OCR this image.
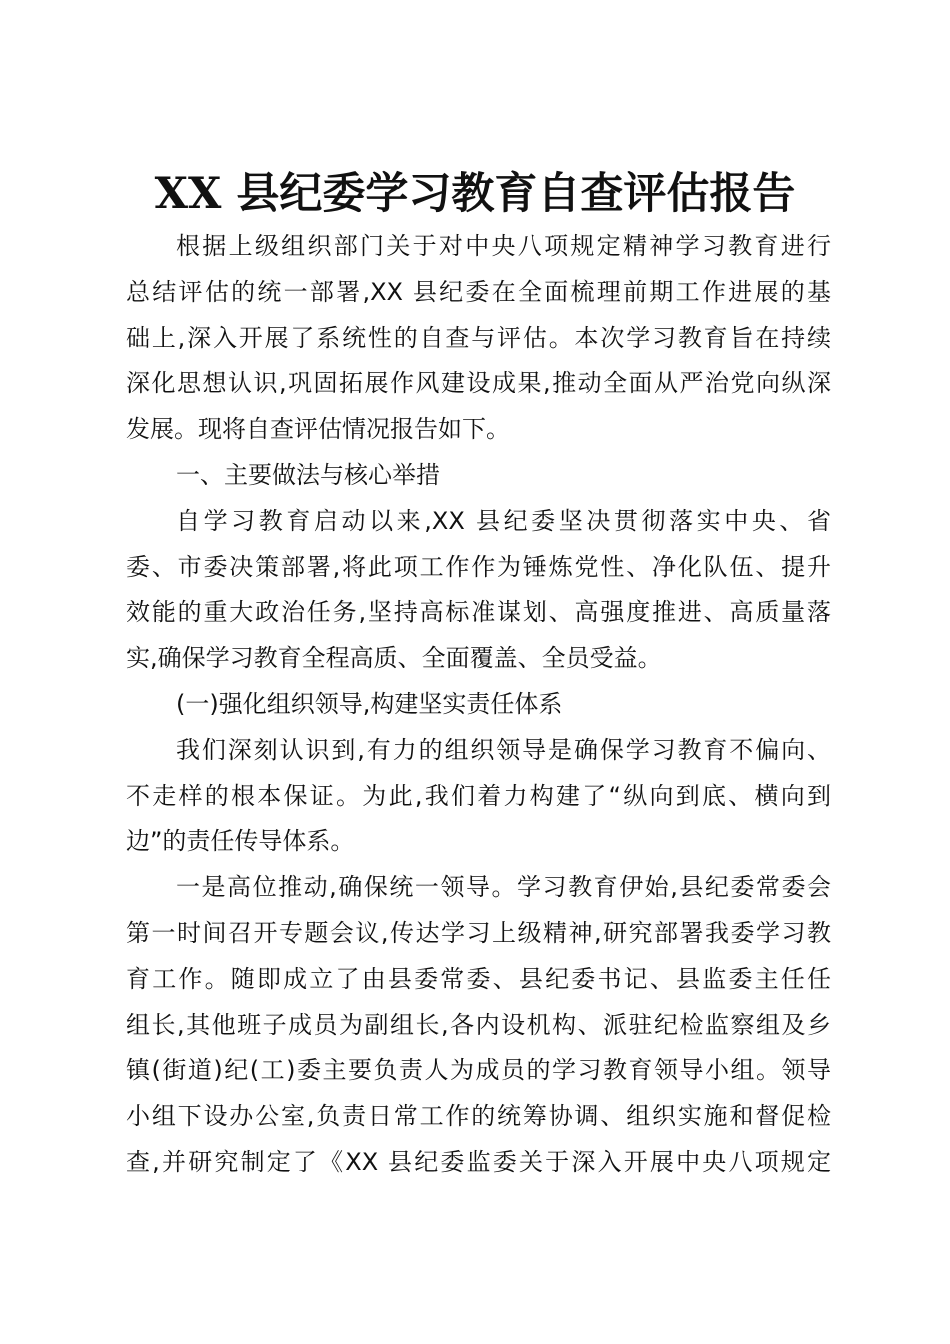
XX 县纪委学习教育自查评估报告

根据上级组织部门关于对中央八项规定精神学习教育进行
总结评估的统一部署,XX 县纪委在全面梳理前期工作进展的基
础上,深入开展了系统性的自查与评估。本次学习教育旨在持续
深化思想认识,巩固拓展作风建设成果,推动全面从严治党向纵深
发展。现将自查评估情况报告如下。

一、主要做法与核心举措

自学习教育启动以来,XX 县纪委坚决贯彻落实中央、省
委、市委决策部署,将此项工作作为锤炼党性、净化队伍、提升
效能的重大政治任务,坚持高标准谋划、高强度推进、高质量落
实,确保学习教育全程高质、全面覆盖、全员受益。

(一)强化组织领导,构建坚实责任体系

我们深刻认识到,有力的组织领导是确保学习教育不偏向、
不走样的根本保证。为此,我们着力构建了“纵向到底、横向到
边”的责任传导体系。

一是高位推动,确保统一领导。学习教育伊始,县纪委常委会
第一时间召开专题会议,传达学习上级精神,研究部署我委学习教
育工作。随即成立了由县委常委、县纪委书记、县监委主任任
组长,其他班子成员为副组长,各内设机构、派驻纪检监察组及乡
镇(街道)纪(工)委主要负责人为成员的学习教育领导小组。领导
小组下设办公室,负责日常工作的统筹协调、组织实施和督促检
查,并研究制定了《XX 县纪委监委关于深入开展中央八项规定
